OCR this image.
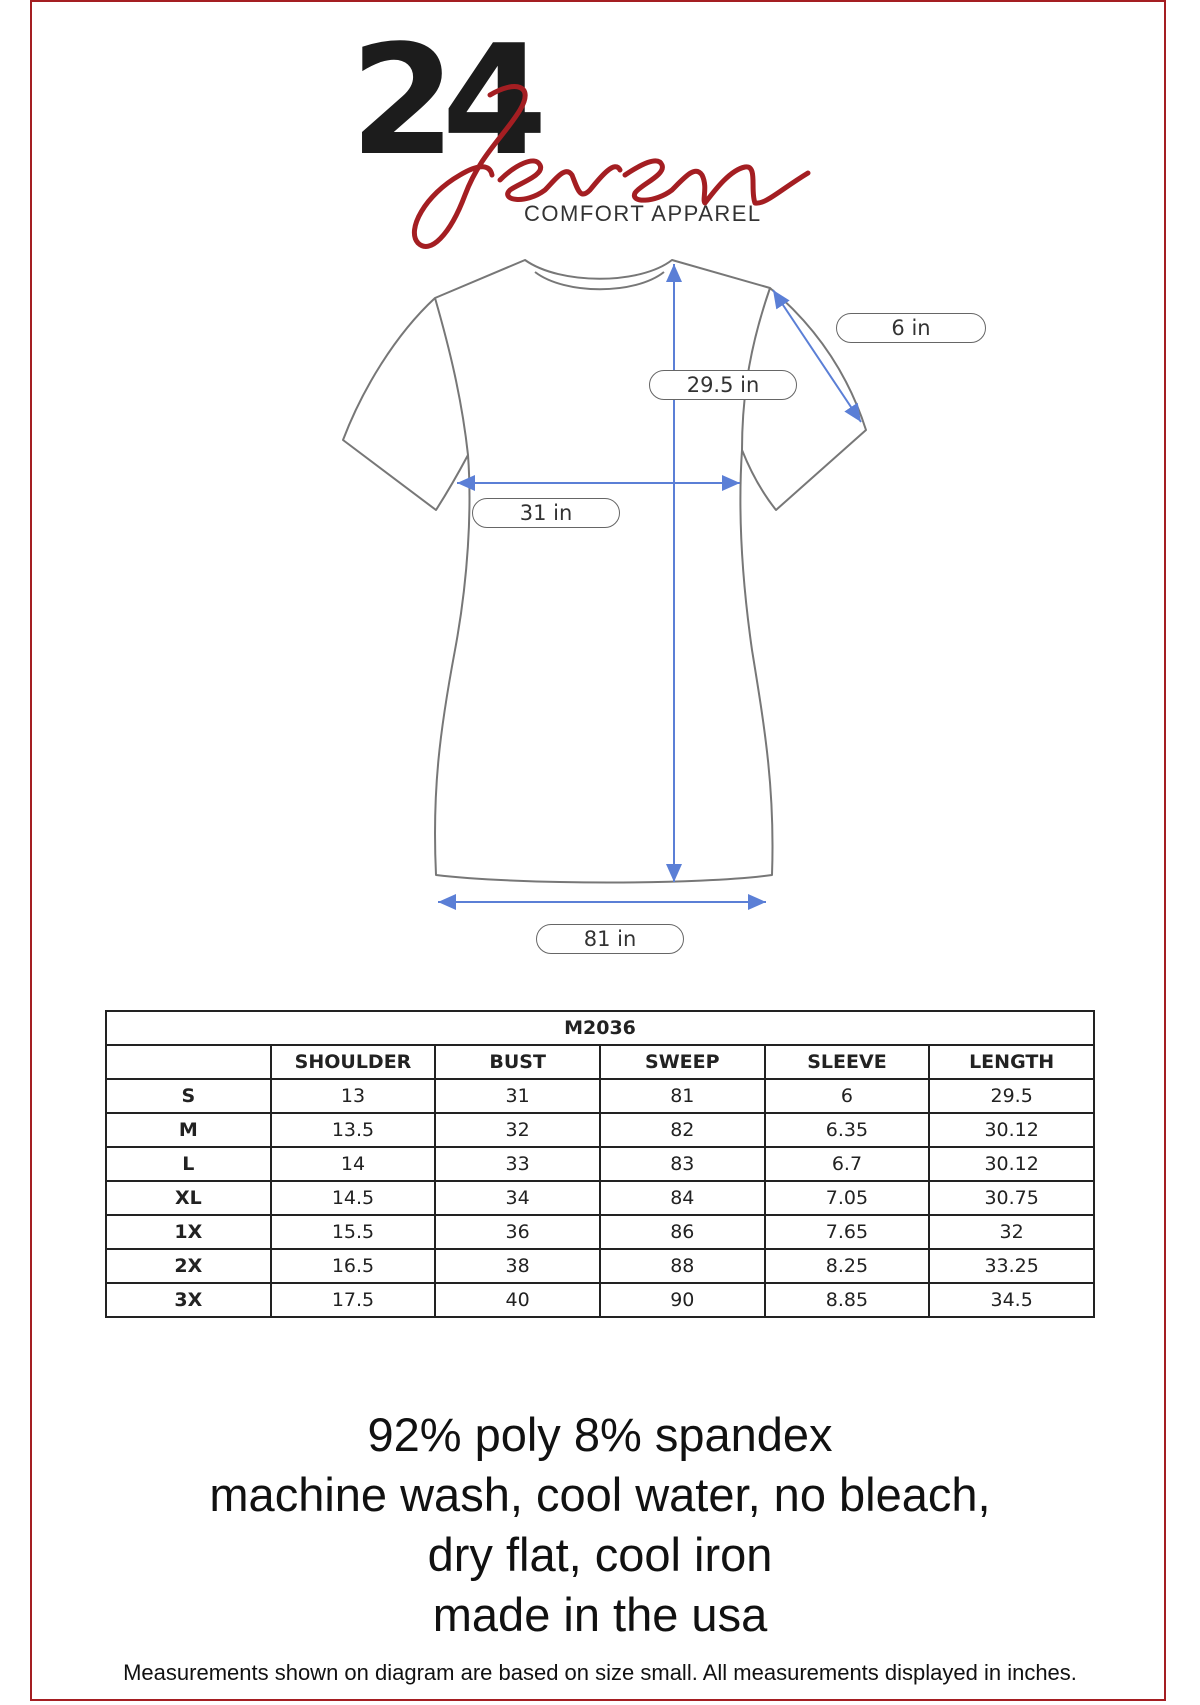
24
COMFORT APPAREL
6 in
29.5 in
31 in
81 in
M2036					
	SHOULDER	BUST	SWEEP	SLEEVE	LENGTH
S	13	31	81	6	29.5
M	13.5	32	82	6.35	30.12
L	14	33	83	6.7	30.12
XL	14.5	34	84	7.05	30.75
1X	15.5	36	86	7.65	32
2X	16.5	38	88	8.25	33.25
3X	17.5	40	90	8.85	34.5
92% poly 8% spandex
machine wash, cool water, no bleach,
dry flat, cool iron
made in the usa
Measurements shown on diagram are based on size small. All measurements displayed in inches.
